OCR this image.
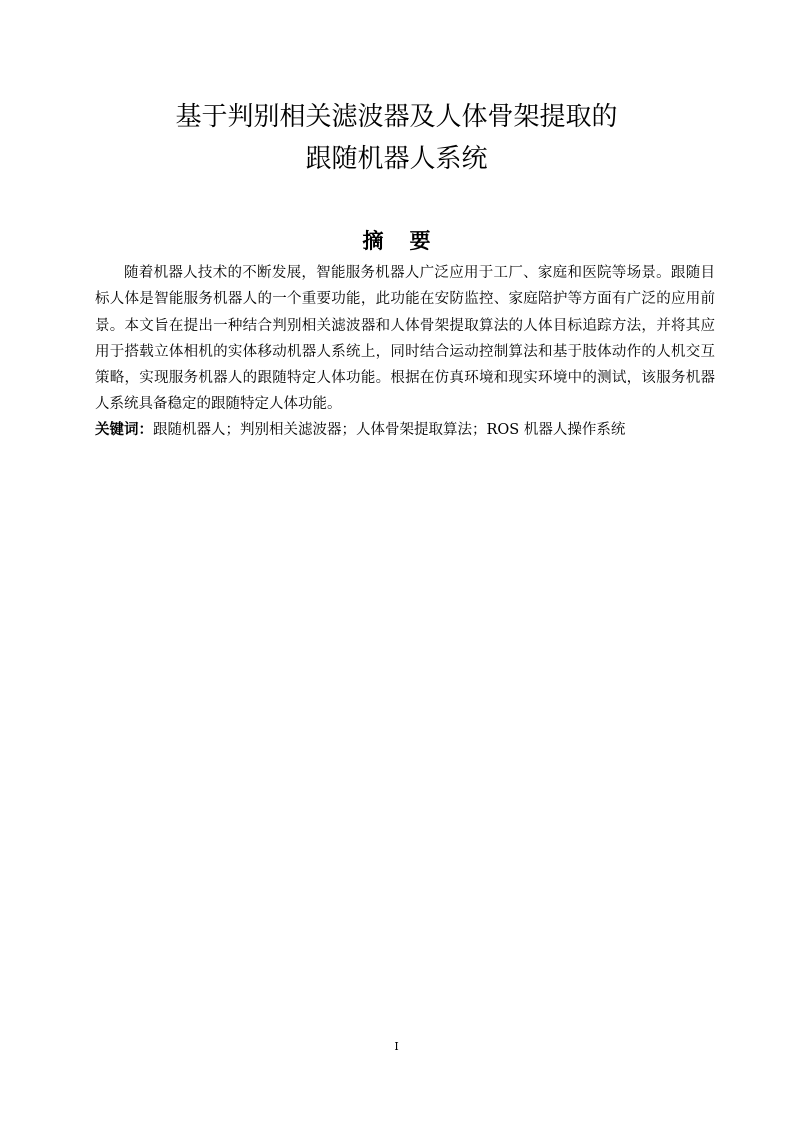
基于判别相关滤波器及人体骨架提取的
跟随机器人系统
摘 要

随着机器人技术的不断发展，智能服务机器人广泛应用于工厂、家庭和医院等场景。跟随目标人体是智能服务机器人的一个重要功能，此功能在安防监控、家庭陪护等方面有广泛的应用前景。本文旨在提出一种结合判别相关滤波器和人体骨架提取算法的人体目标追踪方法，并将其应用于搭载立体相机的实体移动机器人系统上，同时结合运动控制算法和基于肢体动作的人机交互策略，实现服务机器人的跟随特定人体功能。根据在仿真环境和现实环境中的测试，该服务机器人系统具备稳定的跟随特定人体功能。

关键词：跟随机器人；判别相关滤波器；人体骨架提取算法；ROS 机器人操作系统

I
